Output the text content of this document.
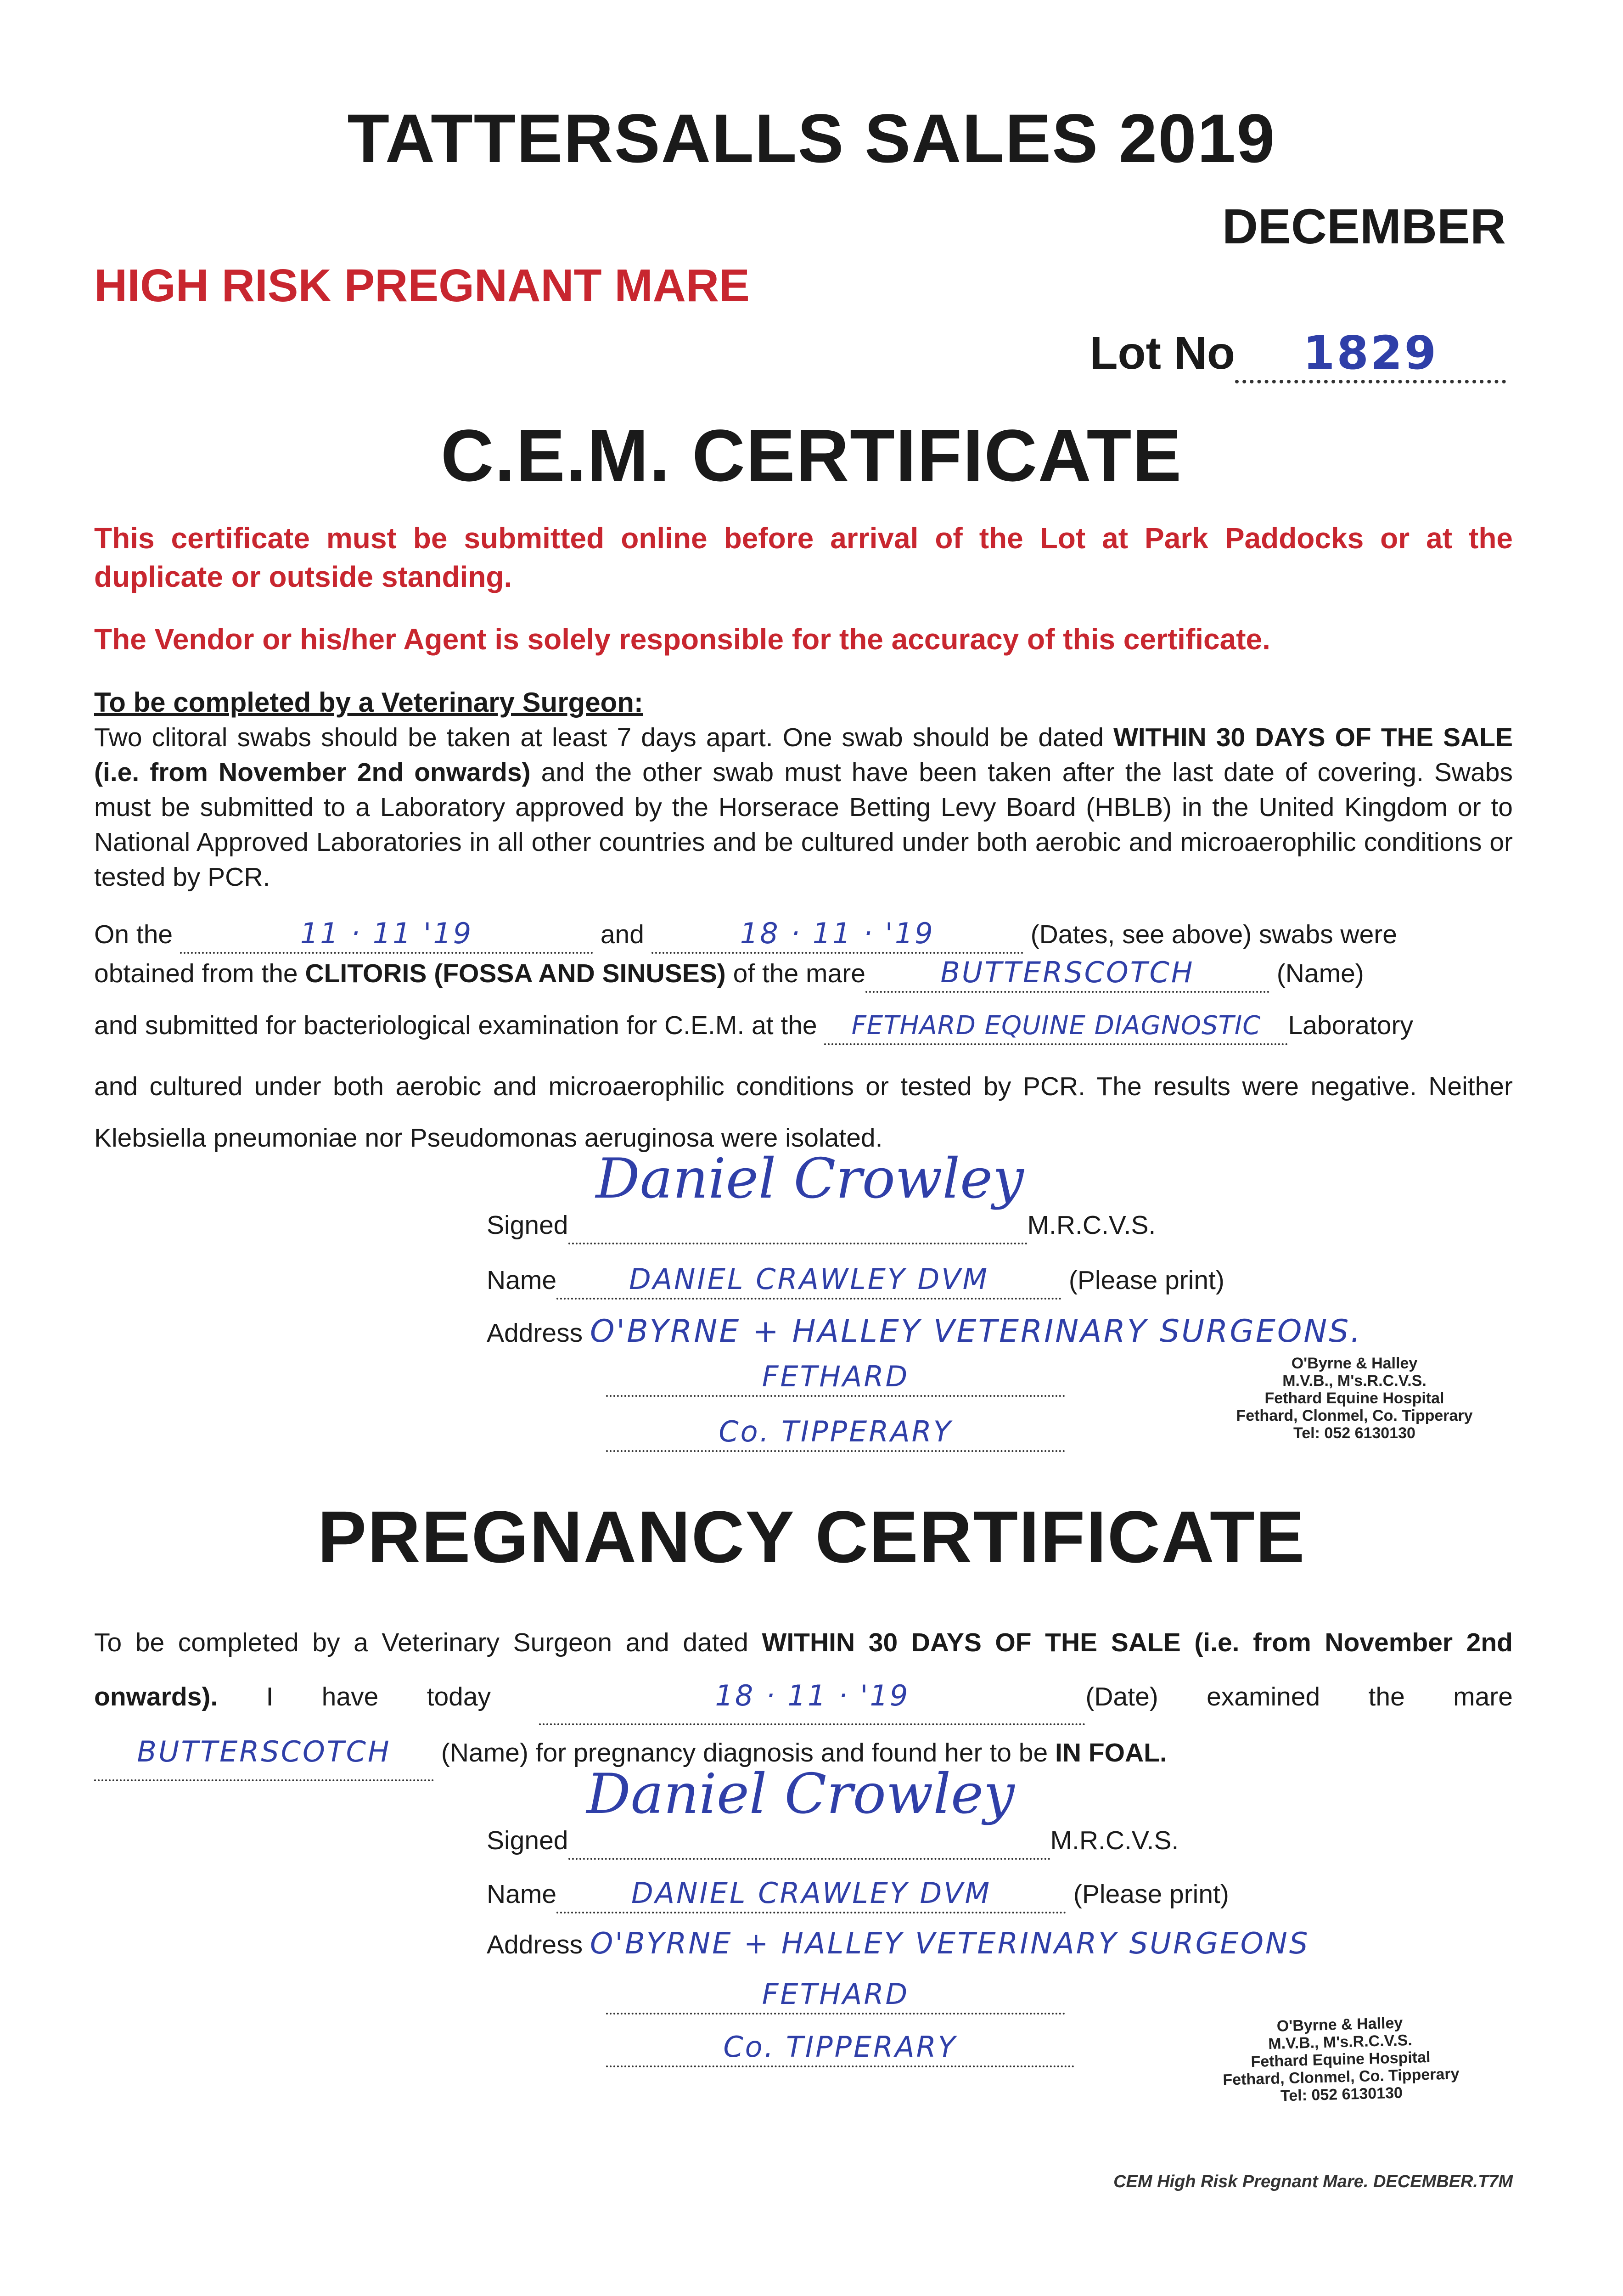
TATTERSALLS SALES 2019
DECEMBER
HIGH RISK PREGNANT MARE
Lot No 1829
C.E.M. CERTIFICATE
This certificate must be submitted online before arrival of the Lot at Park Paddocks or at the duplicate or outside standing.
The Vendor or his/her Agent is solely responsible for the accuracy of this certificate.
To be completed by a Veterinary Surgeon:
Two clitoral swabs should be taken at least 7 days apart. One swab should be dated WITHIN 30 DAYS OF THE SALE (i.e. from November 2nd onwards) and the other swab must have been taken after the last date of covering. Swabs must be submitted to a Laboratory approved by the Horserace Betting Levy Board (HBLB) in the United Kingdom or to National Approved Laboratories in all other countries and be cultured under both aerobic and microaerophilic conditions or tested by PCR.
On the	11 · 11 '19	and	18 · 11 · '19	(Dates, see above) swabs were
obtained from the CLITORIS (FOSSA AND SINUSES) of the mare	BUTTERSCOTCH	(Name)
and submitted for bacteriological examination for C.E.M. at the FETHARD EQUINE DIAGNOSTIC Laboratory
and cultured under both aerobic and microaerophilic conditions or tested by PCR. The results were negative. Neither Klebsiella pneumoniae nor Pseudomonas aeruginosa were isolated.
Signed
Daniel Crowley
M.R.C.V.S.
Name	DANIEL CRAWLEY DVM	(Please print)
Address O'BYRNE + HALLEY VETERINARY SURGEONS.
FETHARD
Co. TIPPERARY
O'Byrne & Halley
M.V.B., M's.R.C.V.S.
Fethard Equine Hospital
Fethard, Clonmel, Co. Tipperary
Tel: 052 6130130
PREGNANCY CERTIFICATE
To be completed by a Veterinary Surgeon and dated WITHIN 30 DAYS OF THE SALE (i.e. from November 2nd onwards). I have today	18 · 11 · '19	(Date) examined the mareBUTTERSCOTCH (Name) for pregnancy diagnosis and found her to be IN FOAL.
Signed
Daniel Crowley
M.R.C.V.S.
Name	DANIEL CRAWLEY DVM	(Please print)
Address O'BYRNE + HALLEY VETERINARY SURGEONS
FETHARD
Co. TIPPERARY
O'Byrne & Halley
M.V.B., M's.R.C.V.S.
Fethard Equine Hospital
Fethard, Clonmel, Co. Tipperary
Tel: 052 6130130
CEM High Risk Pregnant Mare. DECEMBER.T7M
